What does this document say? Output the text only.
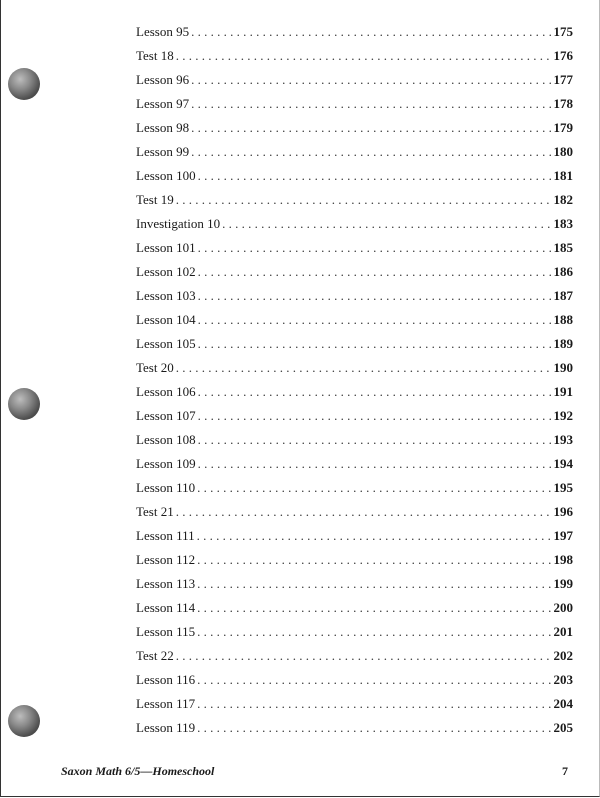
Lesson 95 . . .	175
Test 18 . . .	176
Lesson 96 . . .	177
Lesson 97 . . .	178
Lesson 98 . . .	179
Lesson 99 . . .	180
Lesson 100 . . .	181
Test 19 . . .	182
Investigation 10 . . .	183
Lesson 101 . . .	185
Lesson 102 . . .	186
Lesson 103 . . .	187
Lesson 104 . . .	188
Lesson 105 . . .	189
Test 20 . . .	190
Lesson 106 . . .	191
Lesson 107 . . .	192
Lesson 108 . . .	193
Lesson 109 . . .	194
Lesson 110 . . .	195
Test 21 . . .	196
Lesson 111 . . .	197
Lesson 112 . . .	198
Lesson 113 . . .	199
Lesson 114 . . .	200
Lesson 115 . . .	201
Test 22 . . .	202
Lesson 116 . . .	203
Lesson 117 . . .	204
Lesson 119 . . .	205
Saxon Math 6/5—Homeschool	7
